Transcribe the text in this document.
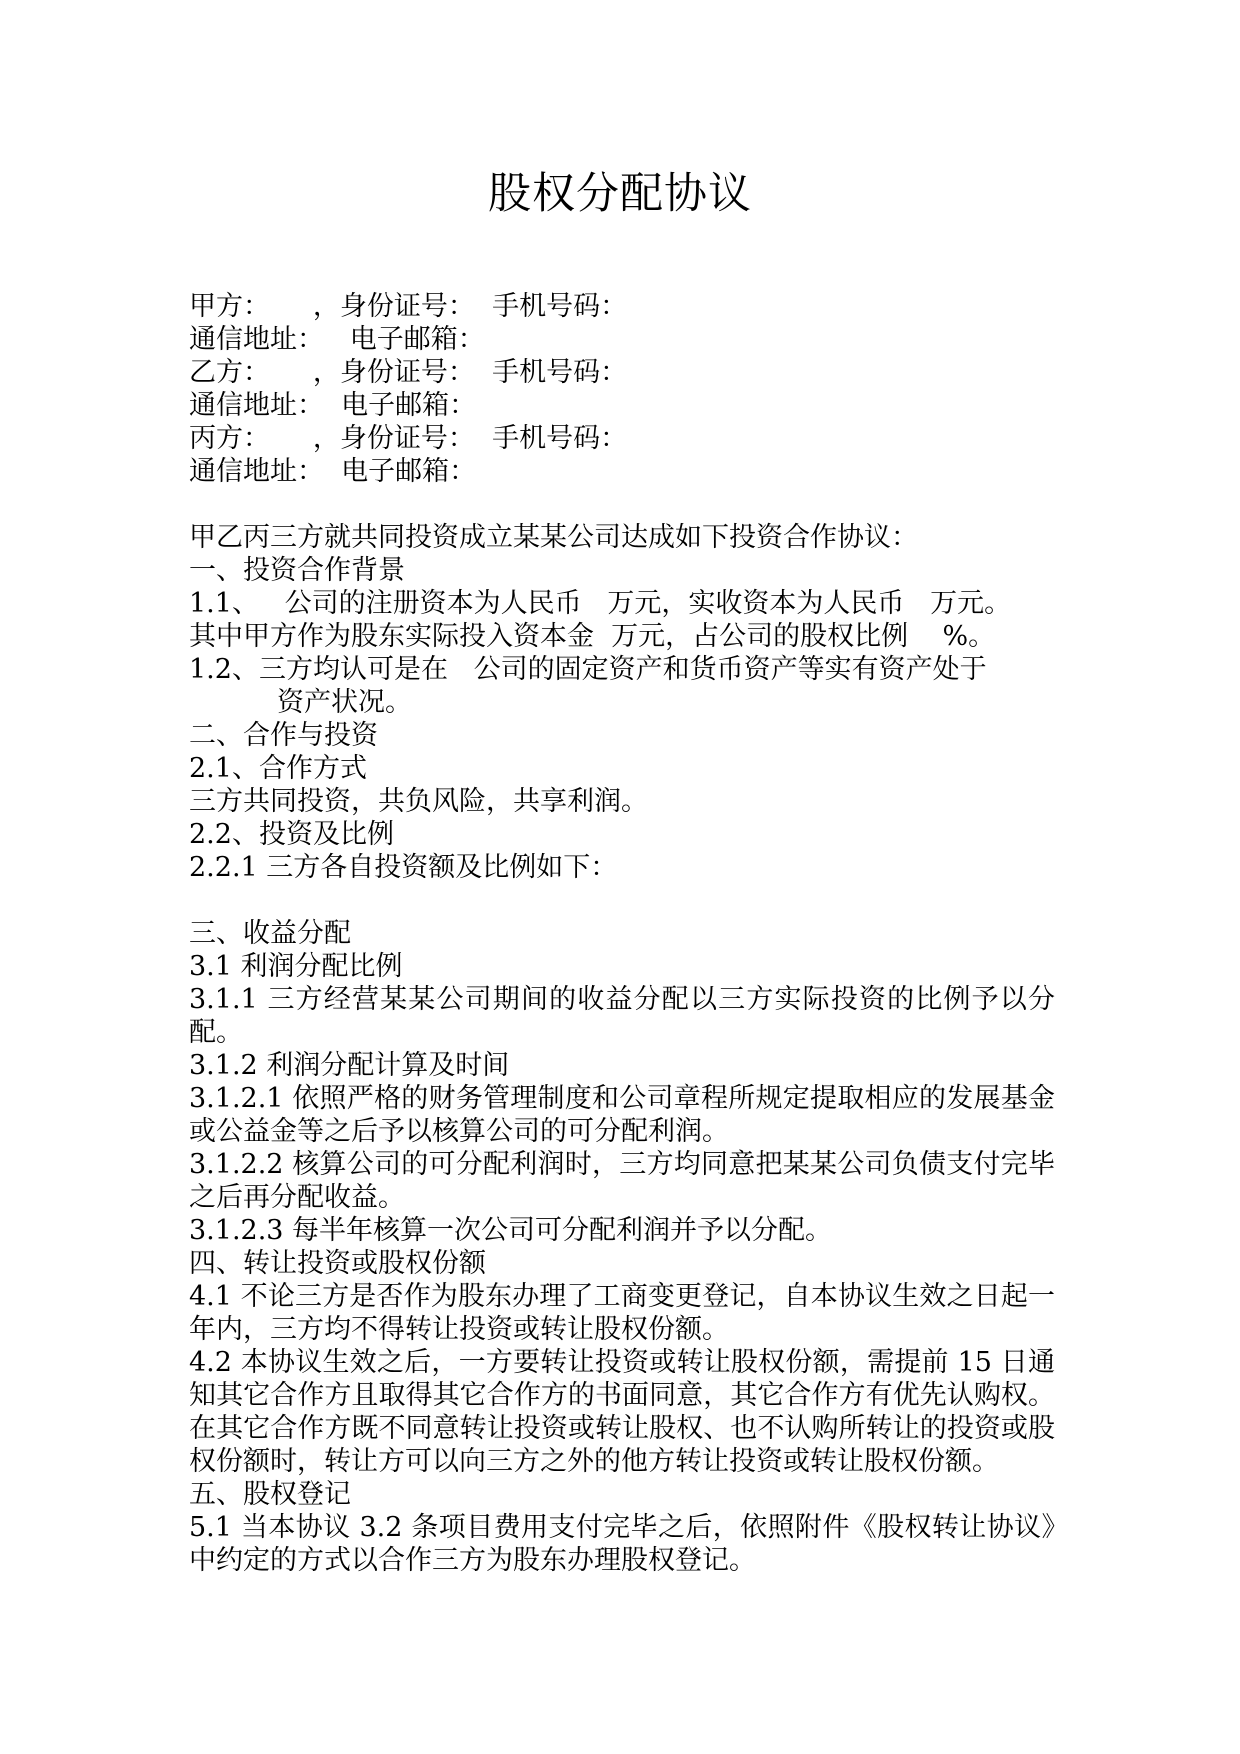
股权分配协议
甲方：     ，身份证号：  手机号码：
通信地址：   电子邮箱：
乙方：     ，身份证号：  手机号码：
通信地址：  电子邮箱：
丙方：     ，身份证号：  手机号码：
通信地址：  电子邮箱：
甲乙丙三方就共同投资成立某某公司达成如下投资合作协议：
一、投资合作背景
1.1、   公司的注册资本为人民币   万元，实收资本为人民币   万元。
其中甲方作为股东实际投入资本金  万元，占公司的股权比例    %。
1.2、三方均认可是在   公司的固定资产和货币资产等实有资产处于
资产状况。
二、合作与投资
2.1、合作方式
三方共同投资，共负风险，共享利润。
2.2、投资及比例
2.2.1 三方各自投资额及比例如下：
三、收益分配
3.1 利润分配比例
3.1.1 三方经营某某公司期间的收益分配以三方实际投资的比例予以分配。
3.1.2 利润分配计算及时间
3.1.2.1 依照严格的财务管理制度和公司章程所规定提取相应的发展基金或公益金等之后予以核算公司的可分配利润。
3.1.2.2 核算公司的可分配利润时，三方均同意把某某公司负债支付完毕之后再分配收益。
3.1.2.3 每半年核算一次公司可分配利润并予以分配。
四、转让投资或股权份额
4.1 不论三方是否作为股东办理了工商变更登记，自本协议生效之日起一年内，三方均不得转让投资或转让股权份额。
4.2 本协议生效之后，一方要转让投资或转让股权份额，需提前 15 日通知其它合作方且取得其它合作方的书面同意，其它合作方有优先认购权。在其它合作方既不同意转让投资或转让股权、也不认购所转让的投资或股权份额时，转让方可以向三方之外的他方转让投资或转让股权份额。
五、股权登记
5.1 当本协议 3.2 条项目费用支付完毕之后，依照附件《股权转让协议》中约定的方式以合作三方为股东办理股权登记。
